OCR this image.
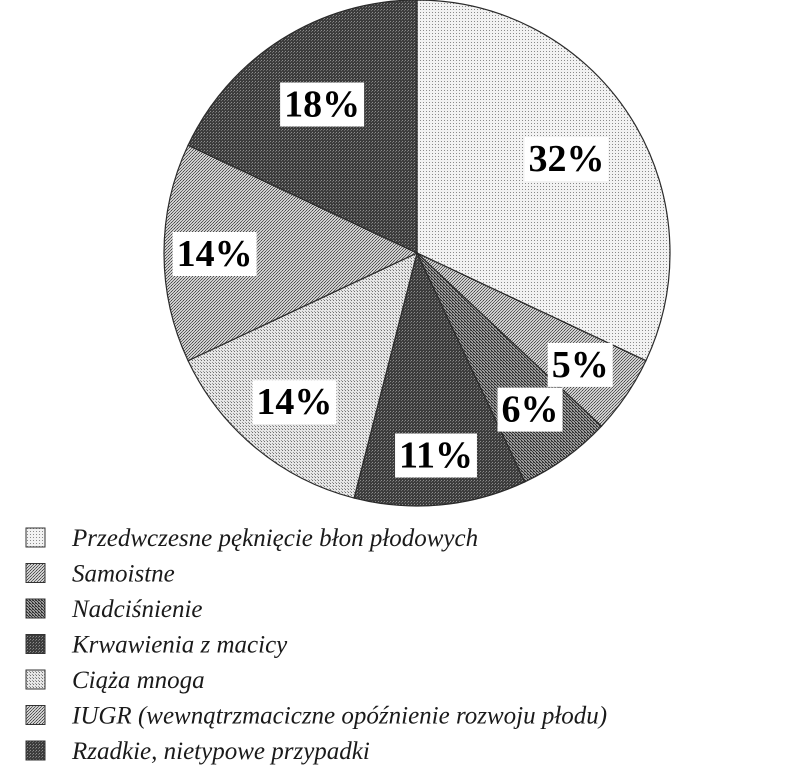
32%
5%
6%
11%
14%
14%
18%
Przedwczesne pęknięcie błon płodowych
Samoistne
Nadciśnienie
Krwawienia z macicy
Ciąża mnoga
IUGR (wewnątrzmaciczne opóźnienie rozwoju płodu)
Rzadkie, nietypowe przypadki
